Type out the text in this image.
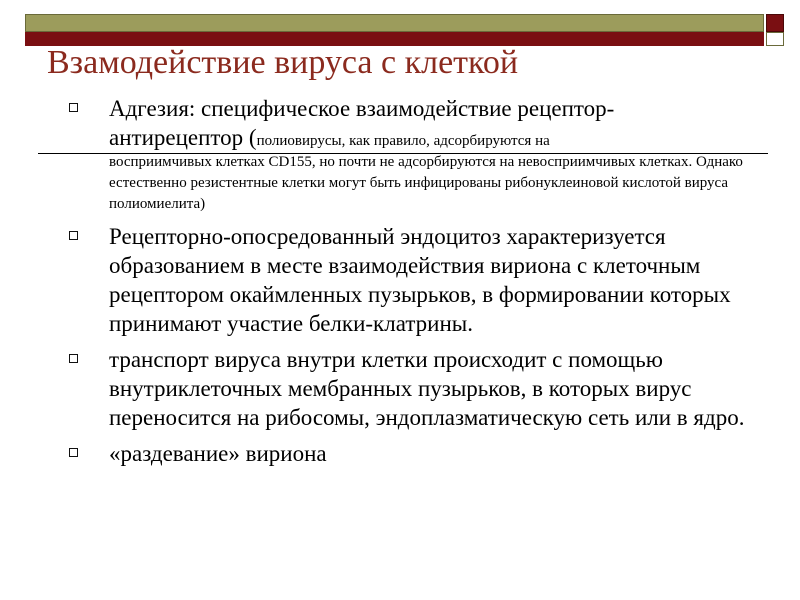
Взамодействие вируса с клеткой
Адгезия: специфическое взаимодействие рецептор-антирецептор (полиовирусы, как правило, адсорбируются на
восприимчивых клетках CD155, но почти не адсорбируются на невосприимчивых клетках. Однако естественно резистентные клетки могут быть инфицированы рибонуклеиновой кислотой вируса полиомиелита)
Рецепторно-опосредованный эндоцитоз характеризуется образованием в месте взаимодействия вириона с клеточным рецептором окаймленных пузырьков, в формировании которых принимают участие белки-клатрины.
транспорт вируса внутри клетки происходит с помощью внутриклеточных мембранных пузырьков, в которых вирус переносится на рибосомы, эндоплазматическую сеть или в ядро.
«раздевание» вириона
